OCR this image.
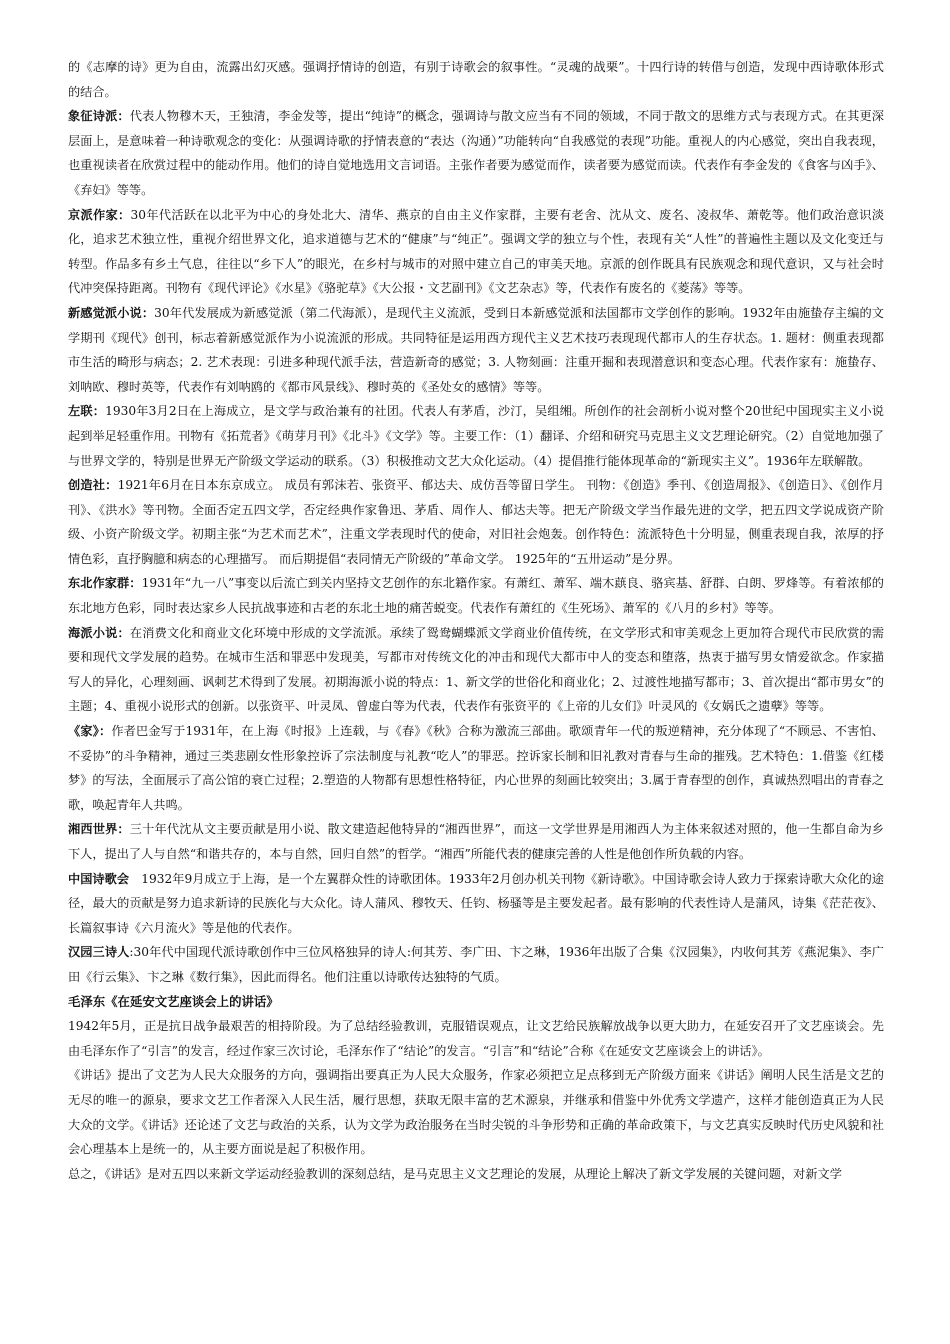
的《志摩的诗》更为自由，流露出幻灭感。强调抒情诗的创造，有别于诗歌会的叙事性。“灵魂的战栗”。十四行诗的转借与创造，发现中西诗歌体形式的结合。

象征诗派：代表人物穆木天，王独清，李金发等，提出“纯诗”的概念，强调诗与散文应当有不同的领域，不同于散文的思维方式与表现方式。在其更深层面上，是意味着一种诗歌观念的变化：从强调诗歌的抒情表意的“表达（沟通）”功能转向“自我感觉的表现”功能。重视人的内心感觉，突出自我表现，也重视读者在欣赏过程中的能动作用。他们的诗自觉地选用文言词语。主张作者要为感觉而作，读者要为感觉而读。代表作有李金发的《食客与凶手》、《弃妇》等等。

京派作家：30年代活跃在以北平为中心的身处北大、清华、燕京的自由主义作家群，主要有老舍、沈从文、废名、凌叔华、萧乾等。他们政治意识淡化，追求艺术独立性，重视介绍世界文化，追求道德与艺术的“健康”与“纯正”。强调文学的独立与个性，表现有关“人性”的普遍性主题以及文化变迁与转型。作品多有乡土气息，往往以“乡下人”的眼光，在乡村与城市的对照中建立自己的审美天地。京派的创作既具有民族观念和现代意识，又与社会时代冲突保持距离。刊物有《现代评论》《水星》《骆驼草》《大公报・文艺副刊》《文艺杂志》等，代表作有废名的《菱荡》等等。

新感觉派小说：30年代发展成为新感觉派（第二代海派），是现代主义流派，受到日本新感觉派和法国都市文学创作的影响。1932年由施蛰存主编的文学期刊《现代》创刊，标志着新感觉派作为小说流派的形成。共同特征是运用西方现代主义艺术技巧表现现代都市人的生存状态。1. 题材：侧重表现都市生活的畸形与病态；2. 艺术表现：引进多种现代派手法，营造新奇的感觉；3. 人物刻画：注重开掘和表现潜意识和变态心理。代表作家有：施蛰存、刘呐欧、穆时英等，代表作有刘呐鸥的《都市风景线》、穆时英的《圣处女的感情》等等。

左联：1930年3月2日在上海成立，是文学与政治兼有的社团。代表人有茅盾，沙汀，吴组缃。所创作的社会剖析小说对整个20世纪中国现实主义小说起到举足轻重作用。刊物有《拓荒者》《萌芽月刊》《北斗》《文学》等。主要工作：（1）翻译、介绍和研究马克思主义文艺理论研究。（2）自觉地加强了与世界文学的，特别是世界无产阶级文学运动的联系。（3）积极推动文艺大众化运动。（4）提倡推行能体现革命的“新现实主义”。1936年左联解散。

创造社：1921年6月在日本东京成立。 成员有郭沫若、张资平、郁达夫、成仿吾等留日学生。 刊物：《创造》季刊、《创造周报》、《创造日》、《创作月刊》、《洪水》等刊物。全面否定五四文学，否定经典作家鲁迅、茅盾、周作人、郁达夫等。把无产阶级文学当作最先进的文学，把五四文学说成资产阶级、小资产阶级文学。初期主张“为艺术而艺术”，注重文学表现时代的使命，对旧社会炮轰。创作特色：流派特色十分明显，侧重表现自我，浓厚的抒情色彩，直抒胸臆和病态的心理描写。 而后期提倡“表同情无产阶级的”革命文学。 1925年的“五卅运动”是分界。

东北作家群：1931年“九一八”事变以后流亡到关内坚持文艺创作的东北籍作家。有萧红、萧军、端木蕻良、骆宾基、舒群、白朗、罗烽等。有着浓郁的东北地方色彩，同时表达家乡人民抗战事迹和古老的东北土地的痛苦蜕变。代表作有萧红的《生死场》、萧军的《八月的乡村》等等。

海派小说：在消费文化和商业文化环境中形成的文学流派。承续了鸳鸯蝴蝶派文学商业价值传统，在文学形式和审美观念上更加符合现代市民欣赏的需要和现代文学发展的趋势。在城市生活和罪恶中发现美，写都市对传统文化的冲击和现代大都市中人的变态和堕落，热衷于描写男女情爱欲念。作家描写人的异化，心理刻画、讽刺艺术得到了发展。初期海派小说的特点：1、新文学的世俗化和商业化；2、过渡性地描写都市；3、首次提出“都市男女”的主题；4、重视小说形式的创新。以张资平、叶灵凤、曾虚白等为代表，代表作有张资平的《上帝的儿女们》叶灵风的《女娲氏之遗孽》等等。

《家》：作者巴金写于1931年，在上海《时报》上连载，与《春》《秋》合称为激流三部曲。歌颂青年一代的叛逆精神，充分体现了“不顾忌、不害怕、不妥协”的斗争精神，通过三类悲剧女性形象控诉了宗法制度与礼教“吃人”的罪恶。控诉家长制和旧礼教对青春与生命的摧残。艺术特色：1.借鉴《红楼梦》的写法，全面展示了高公馆的衰亡过程；2.塑造的人物都有思想性格特征，内心世界的刻画比较突出；3.属于青春型的创作，真诚热烈唱出的青春之歌，唤起青年人共鸣。

湘西世界：三十年代沈从文主要贡献是用小说、散文建造起他特异的“湘西世界”，而这一文学世界是用湘西人为主体来叙述对照的，他一生都自命为乡下人，提出了人与自然“和谐共存的，本与自然，回归自然”的哲学。“湘西”所能代表的健康完善的人性是他创作所负载的内容。

中国诗歌会　1932年9月成立于上海，是一个左翼群众性的诗歌团体。1933年2月创办机关刊物《新诗歌》。中国诗歌会诗人致力于探索诗歌大众化的途径，最大的贡献是努力追求新诗的民族化与大众化。诗人蒲风、穆牧天、任钧、杨骚等是主要发起者。最有影响的代表性诗人是蒲风，诗集《茫茫夜》、长篇叙事诗《六月流火》等是他的代表作。

汉园三诗人:30年代中国现代派诗歌创作中三位风格独异的诗人:何其芳、李广田、卞之琳，1936年出版了合集《汉园集》，内收何其芳《燕泥集》、李广田《行云集》、卞之琳《数行集》，因此而得名。他们注重以诗歌传达独特的气质。

毛泽东《在延安文艺座谈会上的讲话》

1942年5月，正是抗日战争最艰苦的相持阶段。为了总结经验教训，克服错误观点，让文艺给民族解放战争以更大助力，在延安召开了文艺座谈会。先由毛泽东作了“引言”的发言，经过作家三次讨论，毛泽东作了“结论”的发言。“引言”和“结论”合称《在延安文艺座谈会上的讲话》。

《讲话》提出了文艺为人民大众服务的方向，强调指出要真正为人民大众服务，作家必须把立足点移到无产阶级方面来《讲话》阐明人民生活是文艺的无尽的唯一的源泉，要求文艺工作者深入人民生活，履行思想，获取无限丰富的艺术源泉，并继承和借鉴中外优秀文学遗产，这样才能创造真正为人民大众的文学。《讲话》还论述了文艺与政治的关系，认为文学为政治服务在当时尖锐的斗争形势和正确的革命政策下，与文艺真实反映时代历史风貌和社会心理基本上是统一的，从主要方面说是起了积极作用。

总之，《讲话》是对五四以来新文学运动经验教训的深刻总结，是马克思主义文艺理论的发展，从理论上解决了新文学发展的关键问题，对新文学
